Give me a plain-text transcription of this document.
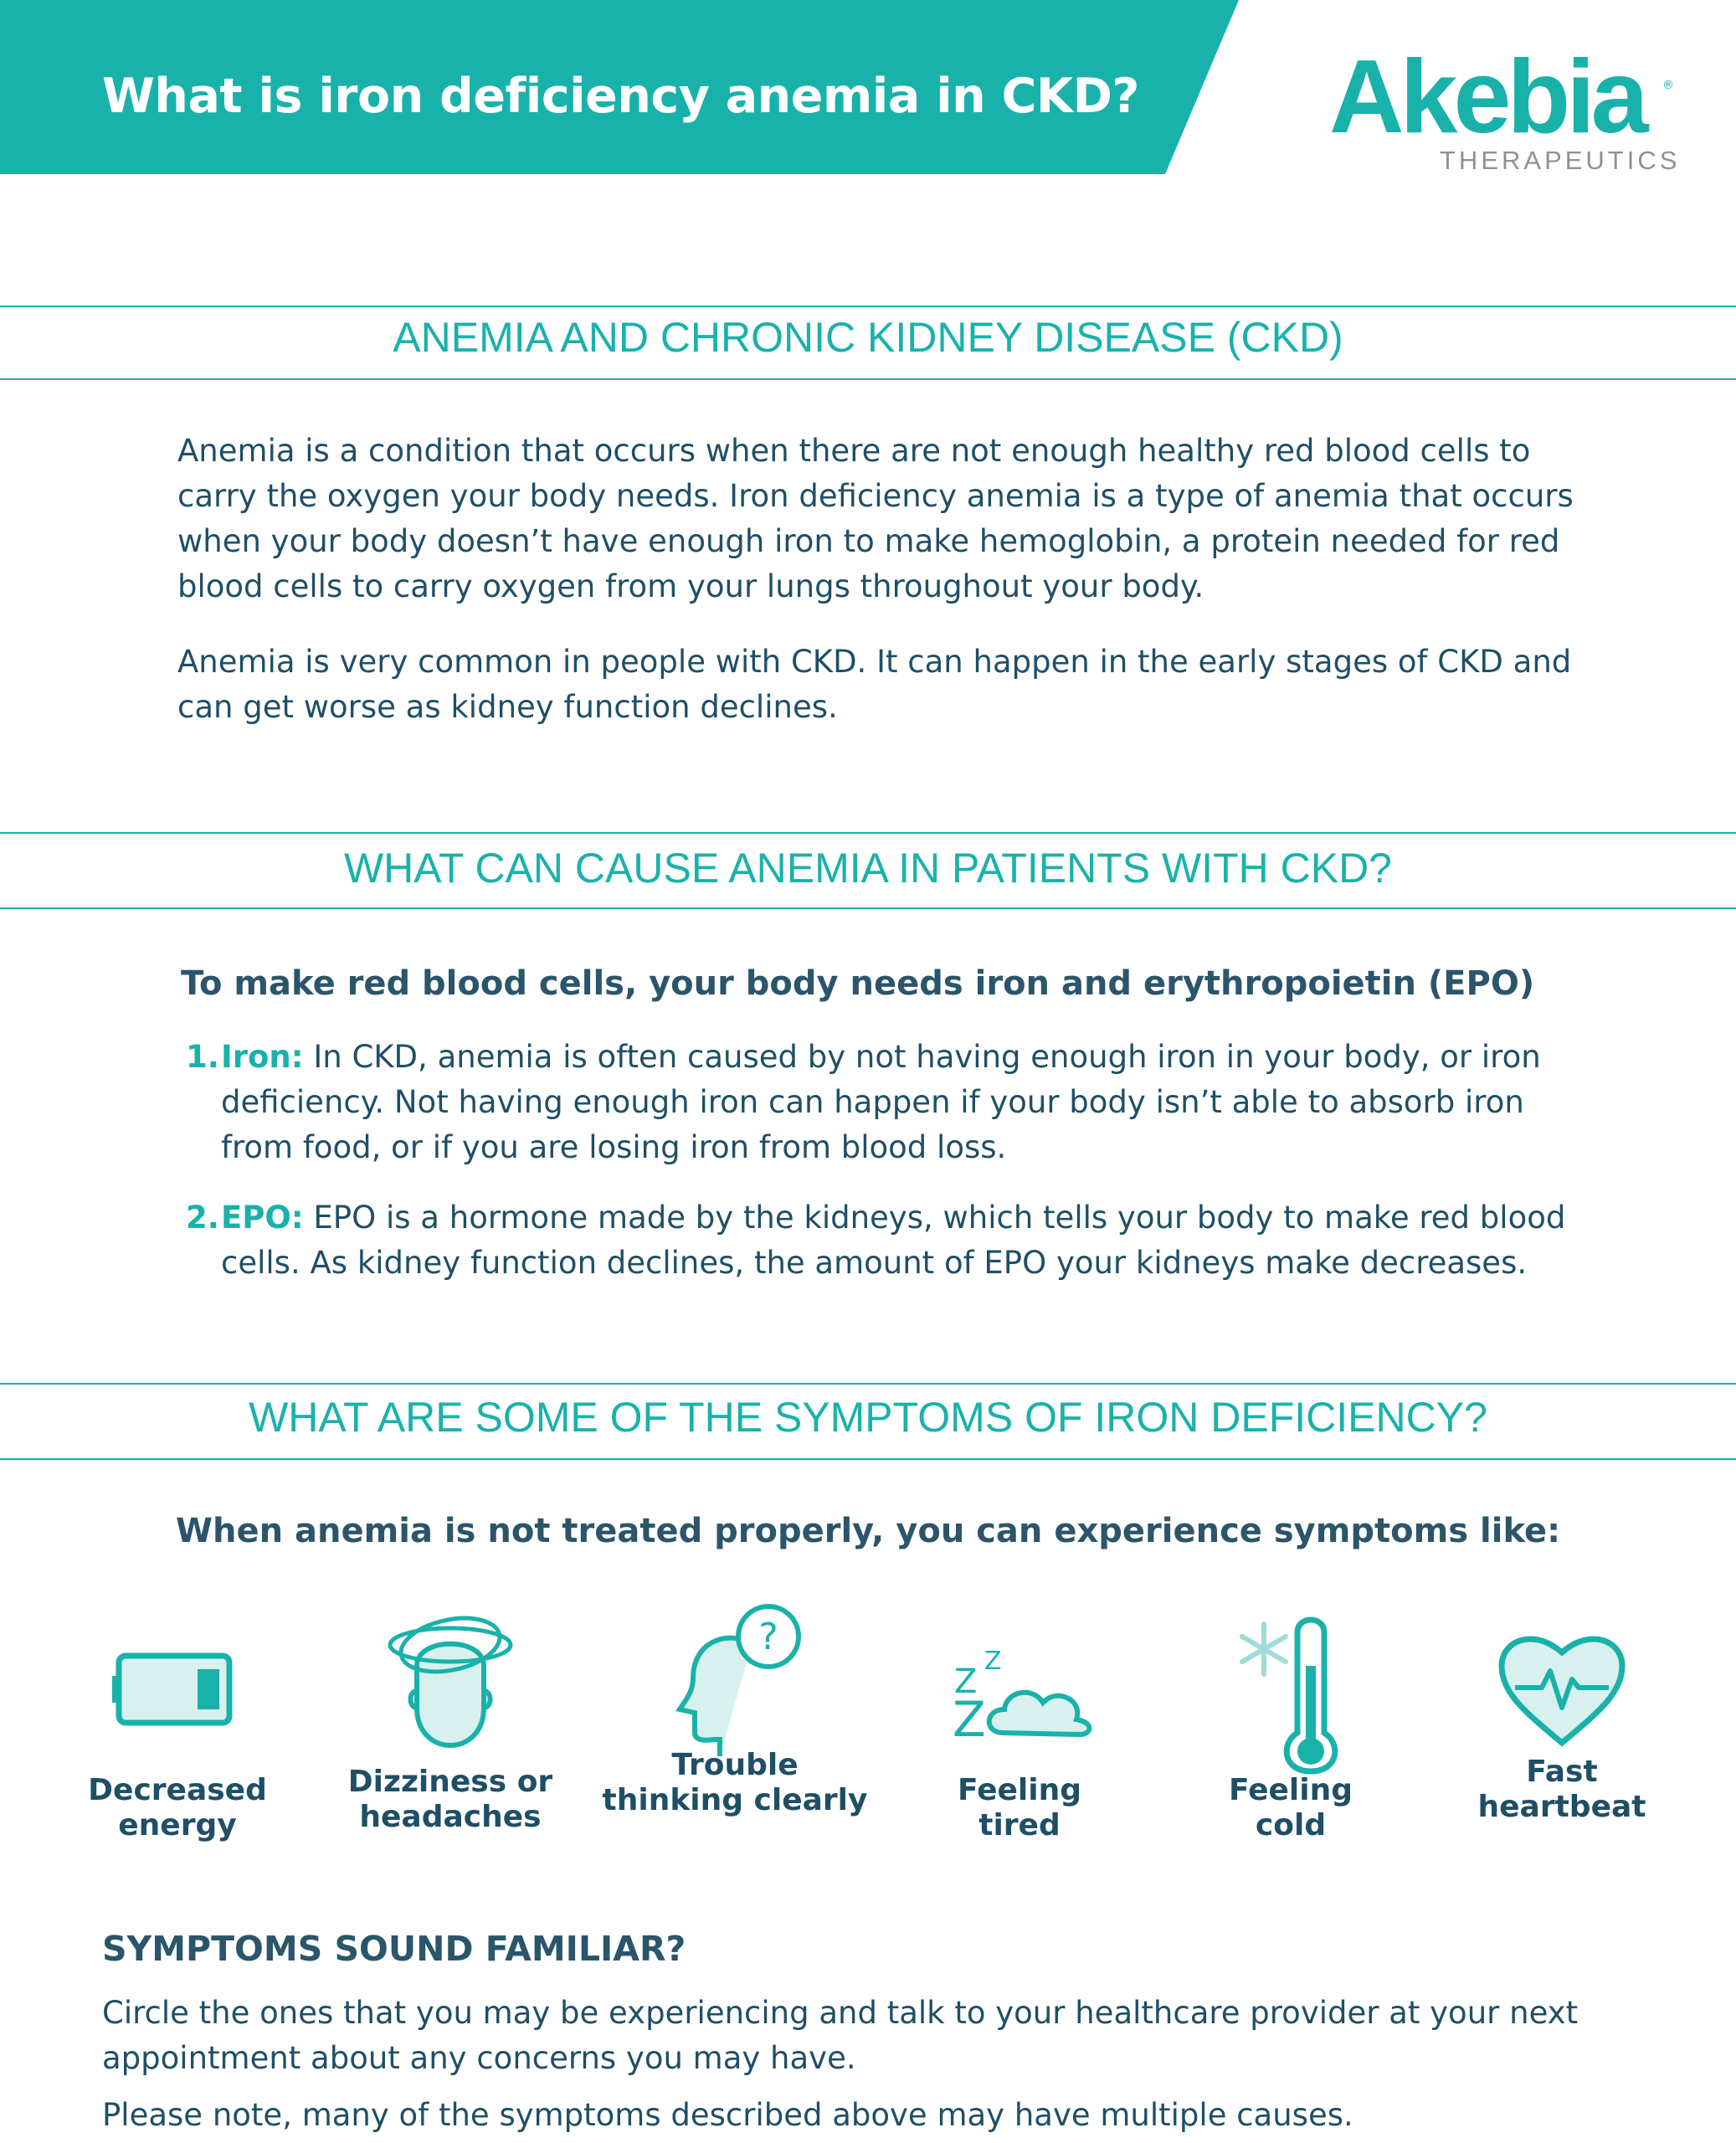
What is iron deficiency anemia in CKD? Akebia ®
THERAPEUTICS
ANEMIA AND CHRONIC KIDNEY DISEASE (CKD)
Anemia is a condition that occurs when there are not enough healthy red blood cells to carry the oxygen your body needs. Iron deficiency anemia is a type of anemia that occurs when your body doesn’t have enough iron to make hemoglobin, a protein needed for red blood cells to carry oxygen from your lungs throughout your body.
Anemia is very common in people with CKD. It can happen in the early stages of CKD and can get worse as kidney function declines.
WHAT CAN CAUSE ANEMIA IN PATIENTS WITH CKD?
To make red blood cells, your body needs iron and erythropoietin (EPO)
1. Iron: In CKD, anemia is often caused by not having enough iron in your body, or iron deficiency. Not having enough iron can happen if your body isn’t able to absorb iron from food, or if you are losing iron from blood loss.
2. EPO: EPO is a hormone made by the kidneys, which tells your body to make red blood cells. As kidney function declines, the amount of EPO your kidneys make decreases.
WHAT ARE SOME OF THE SYMPTOMS OF IRON DEFICIENCY?
When anemia is not treated properly, you can experience symptoms like:
Decreased
energy
Dizziness or
headaches
?
Trouble
thinking clearly
Z
Z
Z
Feeling
tired
Feeling
cold
Fast
heartbeat
SYMPTOMS SOUND FAMILIAR?
Circle the ones that you may be experiencing and talk to your healthcare provider at your next appointment about any concerns you may have.
Please note, many of the symptoms described above may have multiple causes.
